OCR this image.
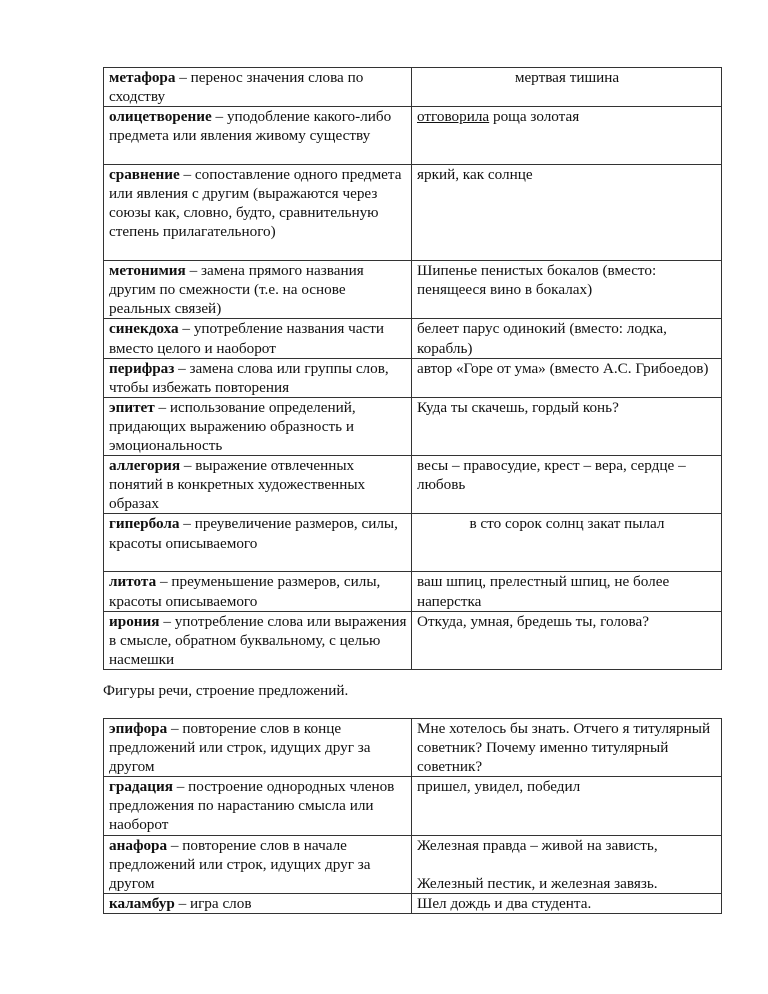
метафора – перенос значения слова по сходству	мертвая тишина

олицетворение – уподобление какого-либо предмета или явления живому существу	отговорила роща золотая
сравнение – сопоставление одного предмета или явления с другим (выражаются через союзы как, словно, будто, сравнительную степень прилагательного)	яркий, как солнце

метонимия – замена прямого названия другим по смежности (т.е. на основе реальных связей)	Шипенье пенистых бокалов (вместо: пенящееся вино в бокалах)

синекдоха – употребление названия части вместо целого и наоборот	белеет парус одинокий (вместо: лодка, корабль)

перифраз – замена слова или группы слов, чтобы избежать повторения	автор «Горе от ума» (вместо А.С. Грибоедов)

эпитет – использование определений, придающих выражению образность и эмоциональность	Куда ты скачешь, гордый конь?

аллегория – выражение отвлеченных понятий в конкретных художественных образах	весы – правосудие, крест – вера, сердце – любовь

гипербола – преувеличение размеров, силы, красоты описываемого	в сто сорок солнц закат пылал

литота – преуменьшение размеров, силы, красоты описываемого	ваш шпиц, прелестный шпиц, не более наперстка

ирония – употребление слова или выражения в смысле, обратном буквальному, с целью насмешки	Откуда, умная, бредешь ты, голова?

Фигуры речи, строение предложений.

эпифора – повторение слов в конце предложений или строк, идущих друг за другом	Мне хотелось бы знать. Отчего я титулярный советник? Почему именно титулярный советник?

градация – построение однородных членов предложения по нарастанию смысла или наоборот	пришел, увидел, победил

анафора – повторение слов в начале предложений или строк, идущих друг за другом	Железная правда – живой на зависть,
Железный пестик, и железная завязь.

каламбур – игра слов	Шел дождь и два студента.
